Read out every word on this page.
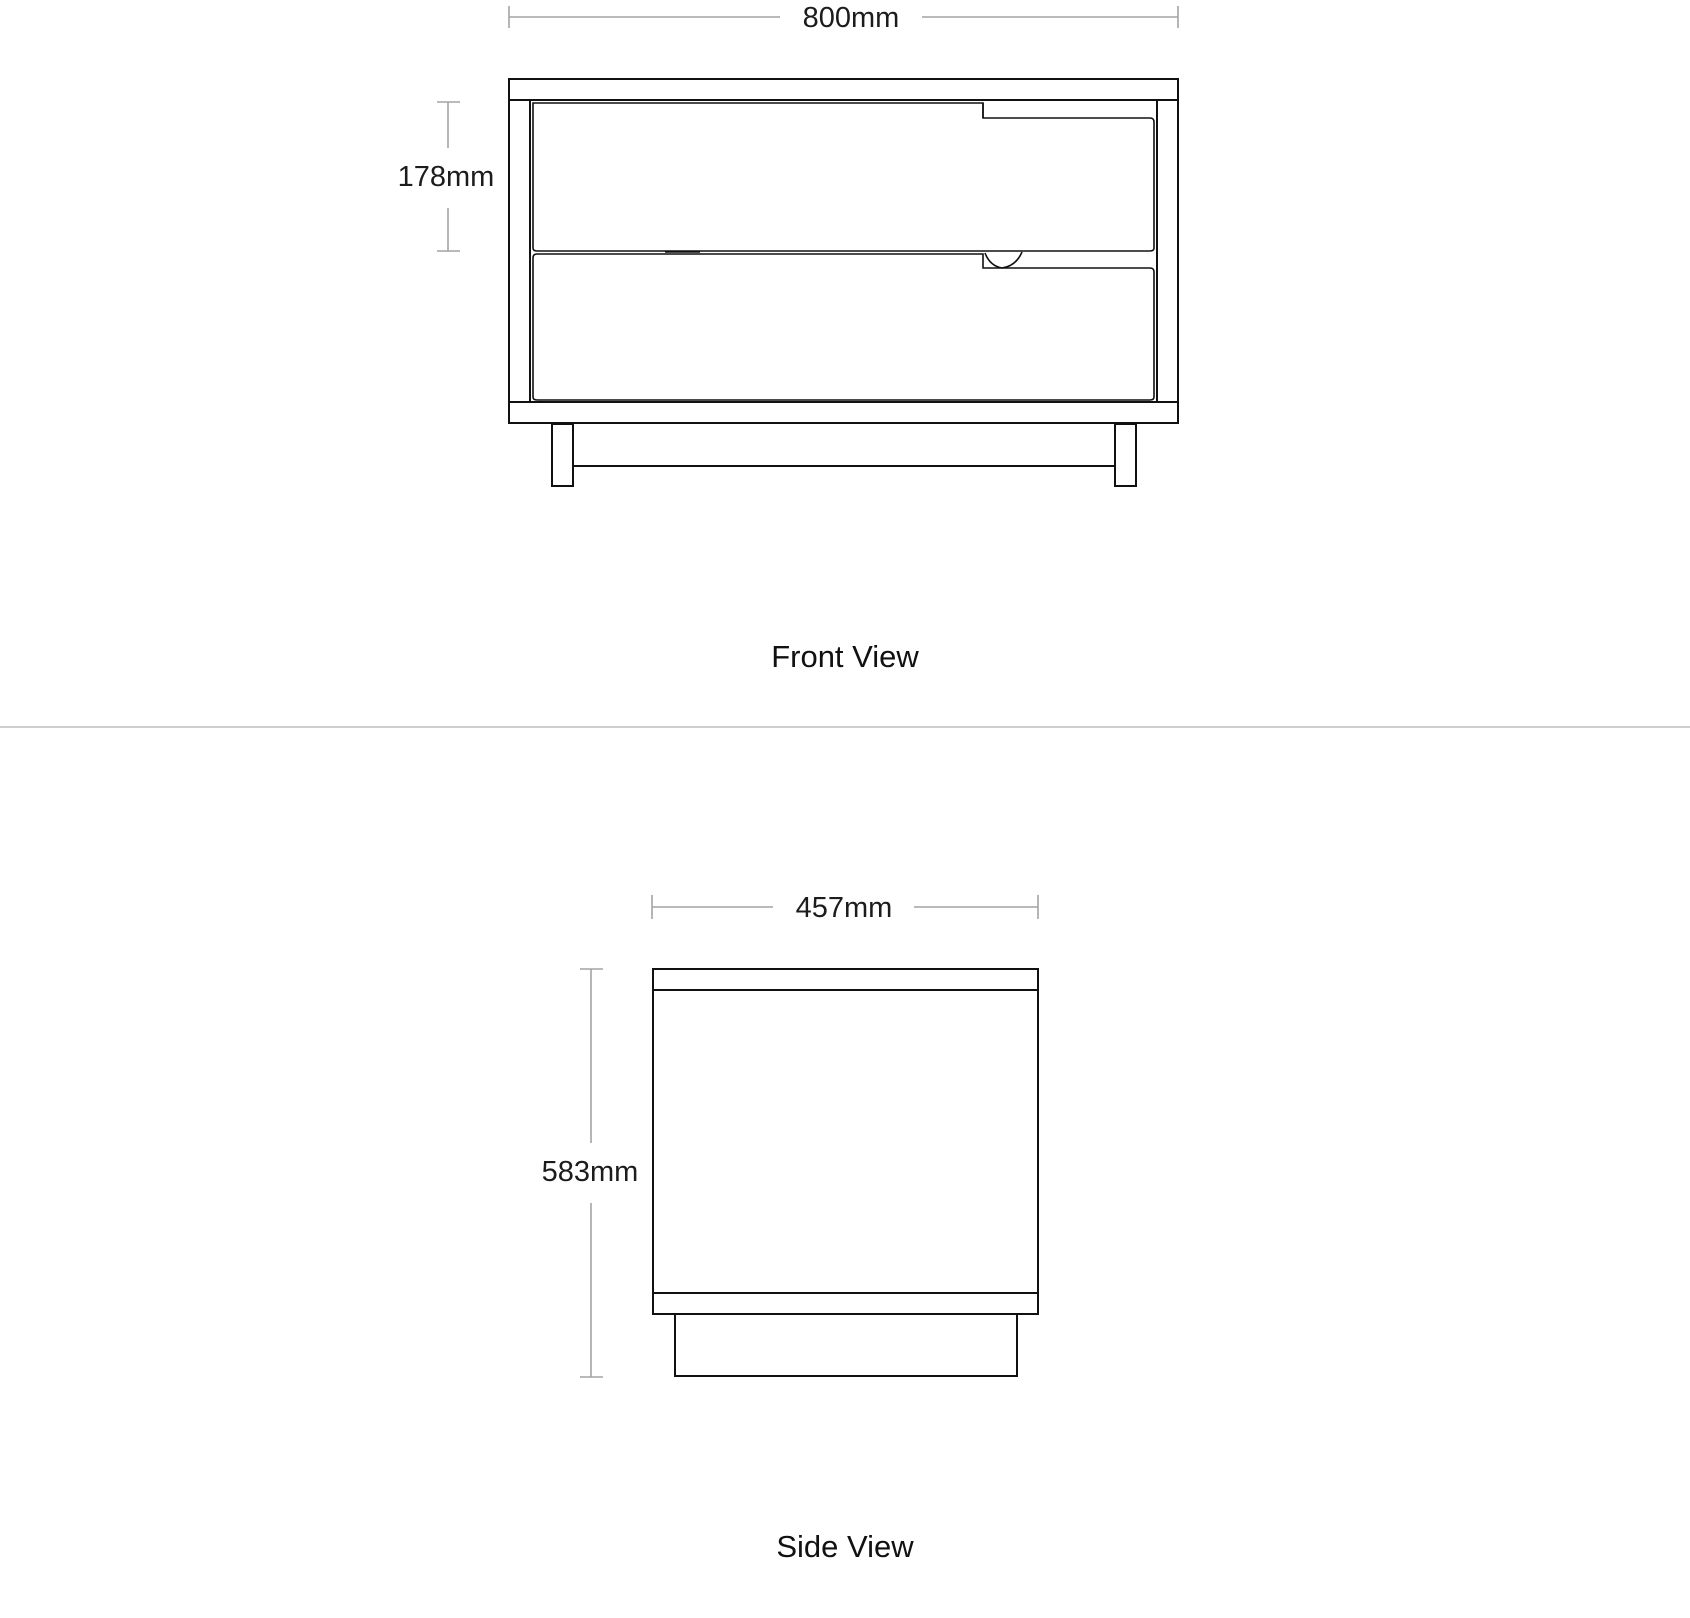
800mm
178mm
Front View
457mm
583mm
Side View
